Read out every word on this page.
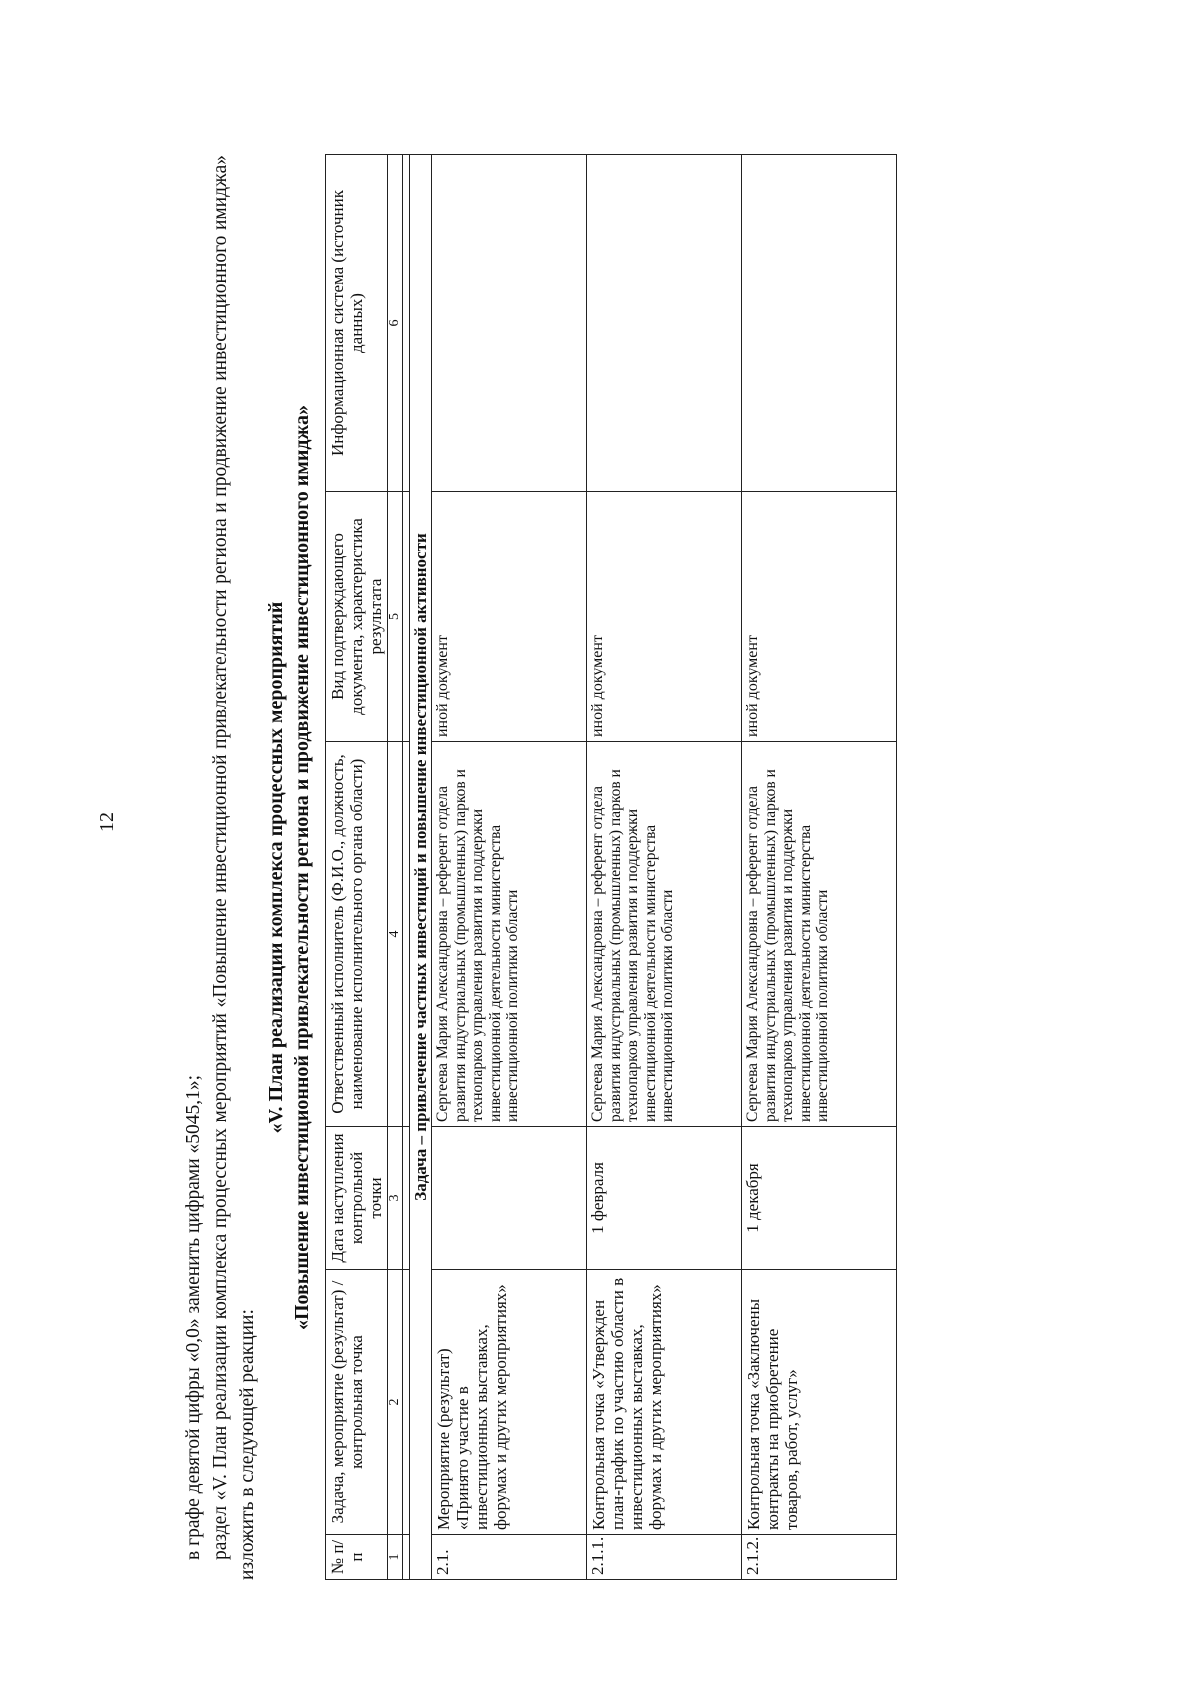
12

в графе девятой цифры «0,0» заменить цифрами «5045,1»; раздел «V. План реализации комплекса процессных мероприятий «Повышение инвестиционной привлекательности региона и продвижение инвестиционного имиджа» изложить в следующей реакции:

«V. План реализации комплекса процессных мероприятий «Повышение инвестиционной привлекательности региона и продвижение инвестиционного имиджа»
№ п/п	Задача, мероприятие (результат) / контрольная точка	Дата наступления контрольной точки	Ответственный исполнитель (Ф.И.О., должность, наименование исполнительного органа области)	Вид подтверждающего документа, характеристика результата	Информационная система (источник данных)
1	2	3	4	5	6

Задача – привлечение частных инвестиций и повышение инвестиционной активности					
2.1.	Мероприятие (результат) «Принято участие в инвестиционных выставках, форумах и других мероприятиях»		Сергеева Мария Александровна – референт отдела развития индустриальных (промышленных) парков и технопарков управления развития и поддержки инвестиционной деятельности министерства инвестиционной политики области	иной документ	
2.1.1.	Контрольная точка «Утвержден план-график по участию области в инвестиционных выставках, форумах и других мероприятиях»	1 февраля	Сергеева Мария Александровна – референт отдела развития индустриальных (промышленных) парков и технопарков управления развития и поддержки инвестиционной деятельности министерства инвестиционной политики области	иной документ	
2.1.2.	Контрольная точка «Заключены контракты на приобретение товаров, работ, услуг»	1 декабря	Сергеева Мария Александровна – референт отдела развития индустриальных (промышленных) парков и технопарков управления развития и поддержки инвестиционной деятельности министерства инвестиционной политики области	иной документ	
